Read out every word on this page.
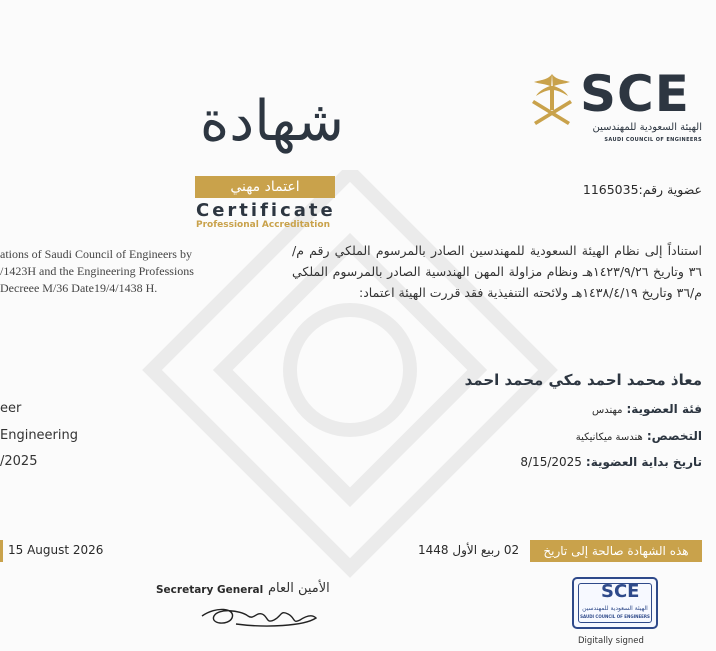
SCE
الهيئة السعودية للمهندسين
SAUDI COUNCIL OF ENGINEERS
شهادة
اعتماد مهني
Certificate
Professional Accreditation
عضوية رقم:1165035
استناداً إلى نظام الهيئة السعودية للمهندسين الصادر بالمرسوم الملكي رقم م/٣٦ وتاريخ ١٤٢٣/٩/٢٦هـ ونظام مزاولة المهن الهندسية الصادر بالمرسوم الملكي م/٣٦ وتاريخ ١٤٣٨/٤/١٩هـ ولائحته التنفيذية فقد قررت الهيئة اعتماد:
ations of Saudi Council of Engineers by
/1423H and the Engineering Professions
Decreee M/36 Date19/4/1438 H.
معاذ محمد احمد مكي محمد احمد
فئة العضوية:مهندس
التخصص:هندسة ميكانيكية
تاريخ بداية العضوية:8/15/2025
eer
Engineering
/2025
هذه الشهادة صالحة إلى تاريخ
02 ربيع الأول 1448
15 August 2026
Secretary General الأمين العام	SCE
الهيئة السعودية للمهندسين
SAUDI COUNCIL OF ENGINEERS
Digitally signed
